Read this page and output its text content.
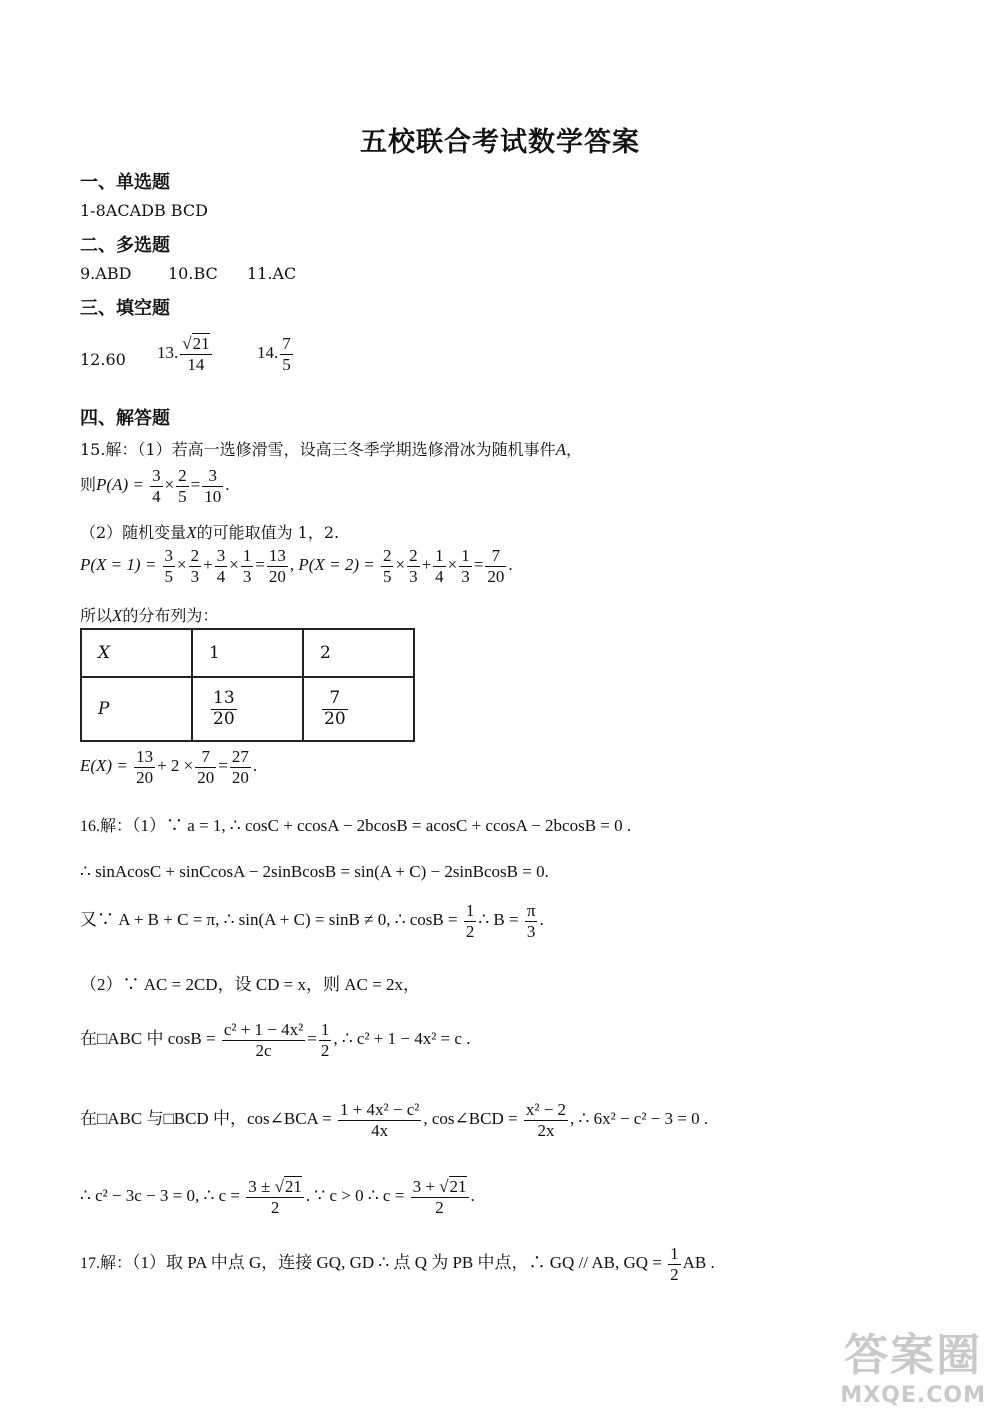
五校联合考试数学答案
一、单选题
1-8ACADB BCD
二、多选题
9.ABD 10.BC 11.AC
三、填空题
12.60 13. $\frac{√21}{14}$	14. $\frac{7}{5}$
四、解答题
15.解：（1）若高一选修滑雪，设高三冬季学期选修滑冰为随机事件A，
则$P(A) = \frac{3}{4} \times \frac{2}{5} = \frac{3}{10}$ .
（2）随机变量X的可能取值为 1，2.
$P(X = 1) = \frac{3}{5} \times \frac{2}{3} + \frac{3}{4} \times \frac{1}{3} = \frac{13}{20}$ , $P(X = 2) = \frac{2}{5} \times \frac{2}{3} + \frac{1}{4} \times \frac{1}{3} = \frac{7}{20}$ .
所以X的分布列为：
X	1	2
P	$\frac{13}{20}$	$\frac{7}{20}$
$E(X) = \frac{13}{20} + 2 \times \frac{7}{20} = \frac{27}{20}$ .
16.解：（1）∵ a = 1, ∴ cosC + ccosA − 2bcosB = acosC + ccosA − 2bcosB = 0 .
∴ sinAcosC + sinCcosA − 2sinBcosB = sin(A + C) − 2sinBcosB = 0.
又∵ A + B + C = π, ∴ sin(A + C) = sinB ≠ 0, ∴ $\cos B = \frac{1}{2}$ ∴ $B = \frac{\pi}{3}$ .
（2）∵ AC = 2CD，设 CD = x，则 AC = 2x，
在□ABC 中 $\cos B = \frac{\text{c² + 1 − 4x²}}{2c} = \frac{1}{2}$ , ∴ c² + 1 − 4x² = c .
在□ABC 与□BCD 中，cos∠BCA = $\frac{\text{1 + 4x² − c²}}{4x}$ , cos∠BCD = $\frac{\text{x² − 2}}{2x}$ , ∴ 6x² − c² − 3 = 0 .
∴ c² − 3c − 3 = 0, ∴ $c = \frac{3 \pm √21}{2}$ . ∵ c > 0 ∴ $c = \frac{3 + √21}{2}$ .
17.解：（1）取 PA 中点 G，连接 GQ, GD ∴ 点 Q 为 PB 中点，∴ GQ // AB, GQ = $\frac{1}{2}$ AB .
答案圈
MXQE.COM
